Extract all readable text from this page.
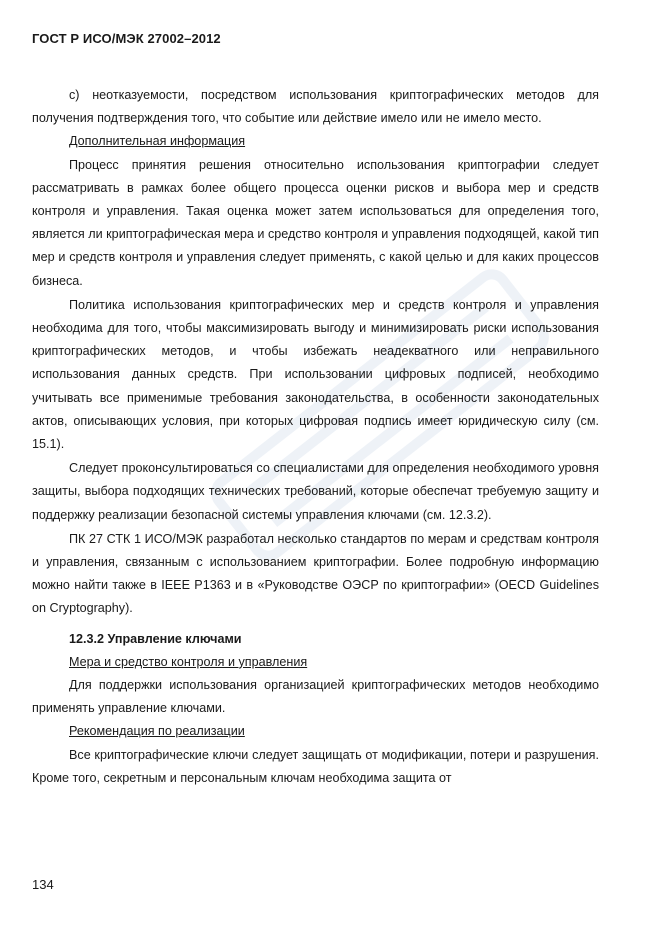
ГОСТ Р ИСО/МЭК 27002–2012

c) неотказуемости, посредством использования криптографических методов для получения подтверждения того, что событие или действие имело или не имело место.

Дополнительная информация

Процесс принятия решения относительно использования криптографии следует рассматривать в рамках более общего процесса оценки рисков и выбора мер и средств контроля и управления. Такая оценка может затем использоваться для определения того, является ли криптографическая мера и средство контроля и управления подходящей, какой тип мер и средств контроля и управления следует применять, с какой целью и для каких процессов бизнеса.

Политика использования криптографических мер и средств контроля и управления необходима для того, чтобы максимизировать выгоду и минимизировать риски использования криптографических методов, и чтобы избежать неадекватного или неправильного использования данных средств. При использовании цифровых подписей, необходимо учитывать все применимые требования законодательства, в особенности законодательных актов, описывающих условия, при которых цифровая подпись имеет юридическую силу (см. 15.1).

Следует проконсультироваться со специалистами для определения необходимого уровня защиты, выбора подходящих технических требований, которые обеспечат требуемую защиту и поддержку реализации безопасной системы управления ключами (см. 12.3.2).

ПК 27 СТК 1 ИСО/МЭК разработал несколько стандартов по мерам и средствам контроля и управления, связанным с использованием криптографии. Более подробную информацию можно найти также в IEEE P1363 и в «Руководстве ОЭСР по криптографии» (OECD Guidelines on Cryptography).

12.3.2 Управление ключами
Мера и средство контроля и управления

Для поддержки использования организацией криптографических методов необходимо применять управление ключами.

Рекомендация по реализации

Все криптографические ключи следует защищать от модификации, потери и разрушения. Кроме того, секретным и персональным ключам необходима защита от

134
